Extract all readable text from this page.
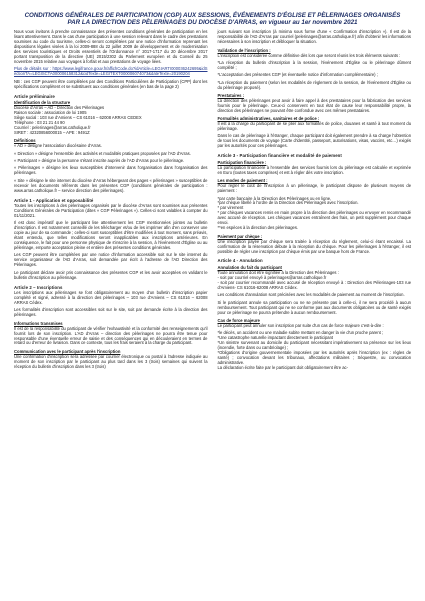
CONDITIONS GÉNÉRALES DE PARTICIPATION (CGP) AUX SESSIONS, ÉVÉNEMENTS D'ÉGLISE ET PÈLERINAGES ORGANISÉS
PAR LA DIRECTION DES PÈLERINAGES DU DIOCÈSE D'ARRAS, en vigueur au 1er novembre 2021

Nous vous invitons à prendre connaissance des présentes conditions générales de participation en les lisant attentivement. Dans le cas d'une participation à une session relevant dans le cadre des prestations soumises au code du tourisme, celles-ci seront complétées par une notice d'information reprenant les dispositions légales visées à la loi 2009-888 du 22 juillet 2009 de développement et de modernisation des services touristiques et Droits essentiels de l'Ordonnance n° 2017-1717 du 20 décembre 2017 portant transposition de la directive (UE) 2015/2302 du Parlement européen et du Conseil du 25 novembre 2015 relative aux voyages à forfait et aux prestations de voyage liées.

Plus de détails sur : https://www.legifrance.gouv.fr/affichCode.do?idArticle=LEGIARTI000036242695&idSectionTA=LEGISCTA000006158312&cidTexte=LEGITEXT000006074073&dateTexte=20190204

NB : ces CGP peuvent être complétées par des Conditions Particulières de Participation (CPP) dont les spécifications complètent et se substituent aux conditions générales (en bas de la page 2)

Article préliminaire
Identification de la structure

Diocèse d'Arras – AD - Direction des Pèlerinages

Raison sociale : association de loi 1905

Siège social : 103 rue d'Amiens – CS 61016 – 62008 ARRAS CEDEX

Téléphone : 03 21 21 44 90

Courriel : pelerinages@arras.catholique.fr

SIRET : 42320856000015 – APE : 9491Z

Définitions

« AD » désigne l'association diocésaine d'Arras.

« Direction » désigne l'ensemble des activités et modalités pratiques proposées par l'AD d'Arras.

« Participant » désigne la personne s'étant inscrite auprès de l'AD d'Arras pour le pèlerinage.

« Pèlerinages » désigne les lieux susceptibles d'intervenir dans l'organisation dans l'organisation des pèlerinages.

« Site » désigne le site internet du diocèse d'Arras hébergeant des pages « pèlerinages » susceptibles de recevoir les documents référents dans les présentes CGP (conditions générales de participation : www.arras.catholique.fr – service direction des pèlerinages).

Article 1 - Application et opposabilité

Toutes les inscriptions à des pèlerinages organisés par le diocèse d'Arras sont soumises aux présentes Conditions Générales de Participation (dites « CGP Pèlerinages »). Celles-ci sont valables à compter du 01/11/2021.

Il est donc impératif que le participant lise attentivement les CGP mentionnées jointes au bulletin d'inscription. Il est notamment conseillé de les télécharger et/ou de les imprimer afin d'en conserver une copie au jour de sa commande ; celles-ci sont susceptibles d'être modifiées à tout moment, sans préavis, étant entendu, que telles modifications seront inapplicables aux inscriptions antérieures. En conséquence, le fait pour une personne physique de s'inscrire à la session, à l'événement d'Église ou au pèlerinage, emporte acceptation pleine et entière des présentes conditions générales.

Les CGP peuvent être complétées par une notice d'information accessible soit sur le site internet du service organisateur de l'AD d'Arras, soit demandée par écrit à l'adresse de l'AD Direction des Pèlerinages.

Le participant déclare avoir pris connaissance des présentes CGP et les avoir acceptées en validant le bulletin d'inscription au pèlerinage.

Article 2 – Inscriptions

Les inscriptions aux pèlerinages se font obligatoirement au moyen d'un bulletin d'inscription papier complété et signé, adressé à la direction des pèlerinages – 103 rue d'Amiens – CS 61016 – 62008 ARRAS Cédex.

Les formalités d'inscription sont accessibles soit sur le site, soit par demande écrite à la direction des pèlerinages.

Informations transmises

Il est de la responsabilité du participant de vérifier l'exhaustivité et la conformité des renseignements qu'il fournit lors de son inscription. L'AD d'Arras – direction des pèlerinages ne pourra être tenue pour responsable d'une éventuelle erreur de saisie et des conséquences qui en découleraient en termes de retard ou d'erreur de livraison. Dans ce contexte, tous les frais seraient à la charge du participant.

Communication avec le participant après l'inscription

Une confirmation d'inscription sera adressée par courrier électronique ou postal à l'adresse indiquée au moment de son inscription par le participant au plus tard dans les 3 (trois) semaines qui suivent la réception du bulletin d'inscription dans les 3 (trois)

jours suivant son inscription (à minima sous forme d'une « Confirmation d'inscription »). Il est de la responsabilité de l'AD d'Arras par courriel (pelerinages@arras.catholique.fr) afin d'obtenir les informations nécessaires à son inscription et débloquer la situation.

Validation de l'inscription :

L'inscription est considérée comme définitive dès lors que seront réunis les trois éléments suivants :

*La réception du bulletin d'inscription à la session, l'événement d'Église ou le pèlerinage dûment complété ;

*L'acceptation des présentes CGP (et éventuelle notice d'information complémentaire) ;

*La réception du paiement (selon les modalités de règlement de la session, de l'événement d'Église ou du pèlerinage proposé).

Prestataires :

La direction des pèlerinages peut avoir à faire appel à des prestataires pour la fabrication des services fournis pour le pèlerinage. Ceux-ci conservent en tout état de cause leur responsabilité propre, la direction des pèlerinages ne pouvant être confondue avec ces mêmes prestataires.

Formalités administratives, sanitaires et de police :

Il est à la charge du participant de se plier aux formalités de police, douanes et santé à tout moment du pèlerinage.

Dans le cas de pèlerinage à l'étranger, chaque participant doit également prendre à sa charge l'obtention de tous les documents de voyage (Carte d'identité, passeport, autorisations, visas, vaccins, etc…) exigés par les autorités pour ces pèlerinages.

Article 3 - Participation financière et modalité de paiement
Participation financière :

La participation financière à l'ensemble des services fournis lors du pèlerinage est calculée et exprimée en Euro (toutes taxes comprises) et est à régler dès votre inscription.

Les modes de paiement :

Pour régler le coût de l'inscription à un pèlerinage, le participant dispose de plusieurs moyens de paiement :

*par carte bancaire à la Direction des Pèlerinages ou en ligne,

*par chèque libellé à l'ordre de la Direction des Pèlerinages avec l'inscription.

* par virement

* par chèques vacances remis en main propre à la direction des pèlerinages ou envoyer en recommandé avec accusé de réception. Les chèques vacances entraînent des frais, un petit supplément pour chaque envoi.

**en espèces à la direction des pèlerinages.

Paiement par chèque :

Une inscription payée par chèque sera traitée à réception du règlement, celui-ci étant encaissé. La confirmation de la réservation débute à la réception du chèque. Pour les pèlerinages à l'étranger, il est possible de régler une inscription par chèque émis par une banque hors de France.

Article 4 - Annulation
Annulation du fait du participant

Toute annulation doit être signifiée à la Direction des Pèlerinages :

- soit par courriel envoyé à pelerinages@arras.catholique.fr

- soit par courrier recommandé avec accusé de réception envoyé à : Direction des Pèlerinages-103 rue d'Amiens- CS 61016-62008 ARRAS Cédex.

Les conditions d'annulation sont précisées avec les modalités de paiement au moment de l'inscription.

Si le participant annule sa participation ou ne se présente pas à celle-ci, il ne sera procédé à aucun remboursement. Tout participant qui ne se conforme pas aux documents obligatoires ou de santé exigés pour ce pèlerinage ne pourra prétendre à aucun remboursement.

Cas de force majeure

Le participant peut annuler son inscription par suite d'un cas de force majeure c'est-à-dire :

*le décès, un accident ou une maladie subite mettant en danger la vie d'un proche parent ;

*Une catastrophe naturelle impactant directement le participant

*Un sinistre survenant au domicile du participant nécessitant impérativement sa présence sur les lieux (incendie, forte dans ou cambriolage) ;

*Obligations d'origine gouvernementale imposées par les autorités après l'inscription (ex : règles de santé) ; convocation devant les tribunaux, affectations militaires ; Séquestre, ou convocation administrative.

La déclaration écrite faite par le participant doit obligatoirement être ac-
